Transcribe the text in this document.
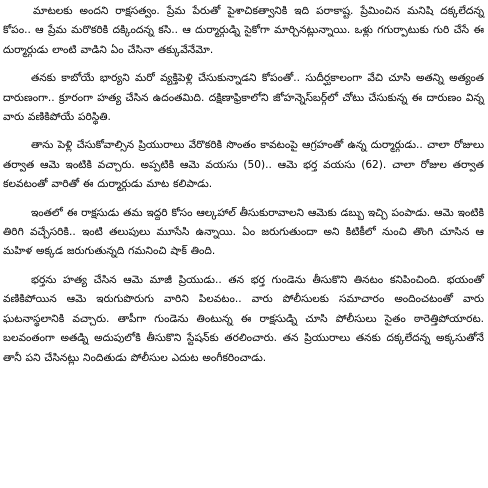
మాటలకు అందని రాక్షసత్వం. ప్రేమ పేరుతో పైశాచికత్వానికి ఇది పరాకాష్ట. ప్రేమించిన మనిషి దక్కలేదన్న కోపం.. ఆ ప్రేమ మరొకరికి దక్కిందన్న కసి.. ఆ దుర్మార్గుడ్ని సైకోగా మార్చినట్లున్నాయి. ఒళ్లు గగుర్పాటుకు గురి చేసే ఈ దుర్మార్గుడు లాంటి వాడిని ఏం చేసినా తక్కువేనేమో.

తనకు కాబోయే భార్యని మరో వ్యక్తిపెళ్లి చేసుకున్నాడని కోపంతో.. సుదీర్ఘకాలంగా వేచి చూసి అతన్ని అత్యంత దారుణంగా.. క్రూరంగా హత్య చేసిన ఉదంతమిది. దక్షిణాఫ్రికాలోని జోహన్నెస్‌బర్గ్‌లో చోటు చేసుకున్న ఈ దారుణం విన్న వారు వణికిపోయే పరిస్థితి.

తాను పెళ్లి చేసుకోవాల్సిన ప్రియురాలు వేరొకరికి సొంతం కావటంపై ఆగ్రహంతో ఉన్న దుర్మార్గుడు.. చాలా రోజులు తర్వాత ఆమె ఇంటికి వచ్చారు. అప్పటికి ఆమె వయసు (50).. ఆమె భర్త వయసు (62). చాలా రోజుల తర్వాత కలవటంతో వారితో ఈ దుర్మార్గుడు మాట కలిపాడు.

ఇంతలో ఈ రాక్షసుడు తమ ఇద్దరి కోసం ఆల్కహాల్ తీసుకురావాలని ఆమెకు డబ్బు ఇచ్చి పంపాడు. ఆమె ఇంటికి తిరిగి వచ్చేసరికి.. ఇంటి తలుపులు మూసేసి ఉన్నాయి. ఏం జరుగుతుందా అని కిటికీలో నుంచి తొంగి చూసిన ఆ మహిళ అక్కడ జరుగుతున్నది గమనించి షాక్ తింది.

భర్తను హత్య చేసిన ఆమె మాజీ ప్రియుడు.. తన భర్త గుండెను తీసుకొని తినటం కనిపించింది. భయంతో వణికిపోయిన ఆమె ఇరుగుపొరుగు వారిని పిలవటం.. వారు పోలీసులకు సమాచారం అందించటంతో వారు ఘటనాస్థలానికి వచ్చారు. తాపీగా గుండెను తింటున్న ఈ రాక్షసుడ్ని చూసి పోలీసులు సైతం ఠారెత్తిపోయారట. బలవంతంగా అతడ్ని అదుపులోకి తీసుకొని స్టేషన్‌కు తరలించారు. తన ప్రియురాలు తనకు దక్కలేదన్న అక్కసుతోనే తానీ పని చేసినట్లు నిందితుడు పోలీసుల ఎదుట అంగీకరించాడు.
